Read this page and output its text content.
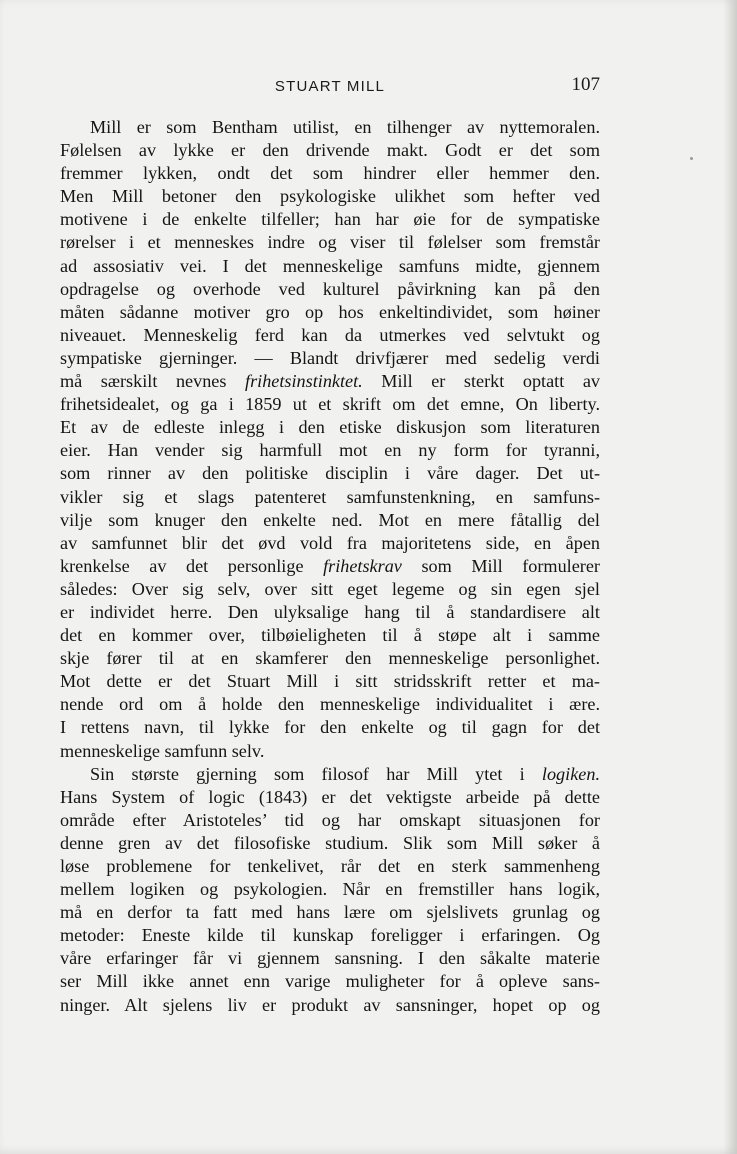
STUART MILL	107
Mill er som Bentham utilist, en tilhenger av nyttemoralen.
Følelsen av lykke er den drivende makt. Godt er det som
fremmer lykken, ondt det som hindrer eller hemmer den.
Men Mill betoner den psykologiske ulikhet som hefter ved
motivene i de enkelte tilfeller; han har øie for de sympatiske
rørelser i et menneskes indre og viser til følelser som fremstår
ad assosiativ vei. I det menneskelige samfuns midte, gjennem
opdragelse og overhode ved kulturel påvirkning kan på den
måten sådanne motiver gro op hos enkeltindividet, som høiner
niveauet. Menneskelig ferd kan da utmerkes ved selvtukt og
sympatiske gjerninger. — Blandt drivfjærer med sedelig verdi
må særskilt nevnes frihetsinstinktet. Mill er sterkt optatt av
frihetsidealet, og ga i 1859 ut et skrift om det emne, On liberty.
Et av de edleste inlegg i den etiske diskusjon som literaturen
eier. Han vender sig harmfull mot en ny form for tyranni,
som rinner av den politiske disciplin i våre dager. Det ut-
vikler sig et slags patenteret samfunstenkning, en samfuns-
vilje som knuger den enkelte ned. Mot en mere fåtallig del
av samfunnet blir det øvd vold fra majoritetens side, en åpen
krenkelse av det personlige frihetskrav som Mill formulerer
således: Over sig selv, over sitt eget legeme og sin egen sjel
er individet herre. Den ulyksalige hang til å standardisere alt
det en kommer over, tilbøieligheten til å støpe alt i samme
skje fører til at en skamferer den menneskelige personlighet.
Mot dette er det Stuart Mill i sitt stridsskrift retter et ma-
nende ord om å holde den menneskelige individualitet i ære.
I rettens navn, til lykke for den enkelte og til gagn for det
menneskelige samfunn selv.
Sin største gjerning som filosof har Mill ytet i logiken.
Hans System of logic (1843) er det vektigste arbeide på dette
område efter Aristoteles’ tid og har omskapt situasjonen for
denne gren av det filosofiske studium. Slik som Mill søker å
løse problemene for tenkelivet, rår det en sterk sammenheng
mellem logiken og psykologien. Når en fremstiller hans logik,
må en derfor ta fatt med hans lære om sjelslivets grunlag og
metoder: Eneste kilde til kunskap foreligger i erfaringen. Og
våre erfaringer får vi gjennem sansning. I den såkalte materie
ser Mill ikke annet enn varige muligheter for å opleve sans-
ninger. Alt sjelens liv er produkt av sansninger, hopet op og
